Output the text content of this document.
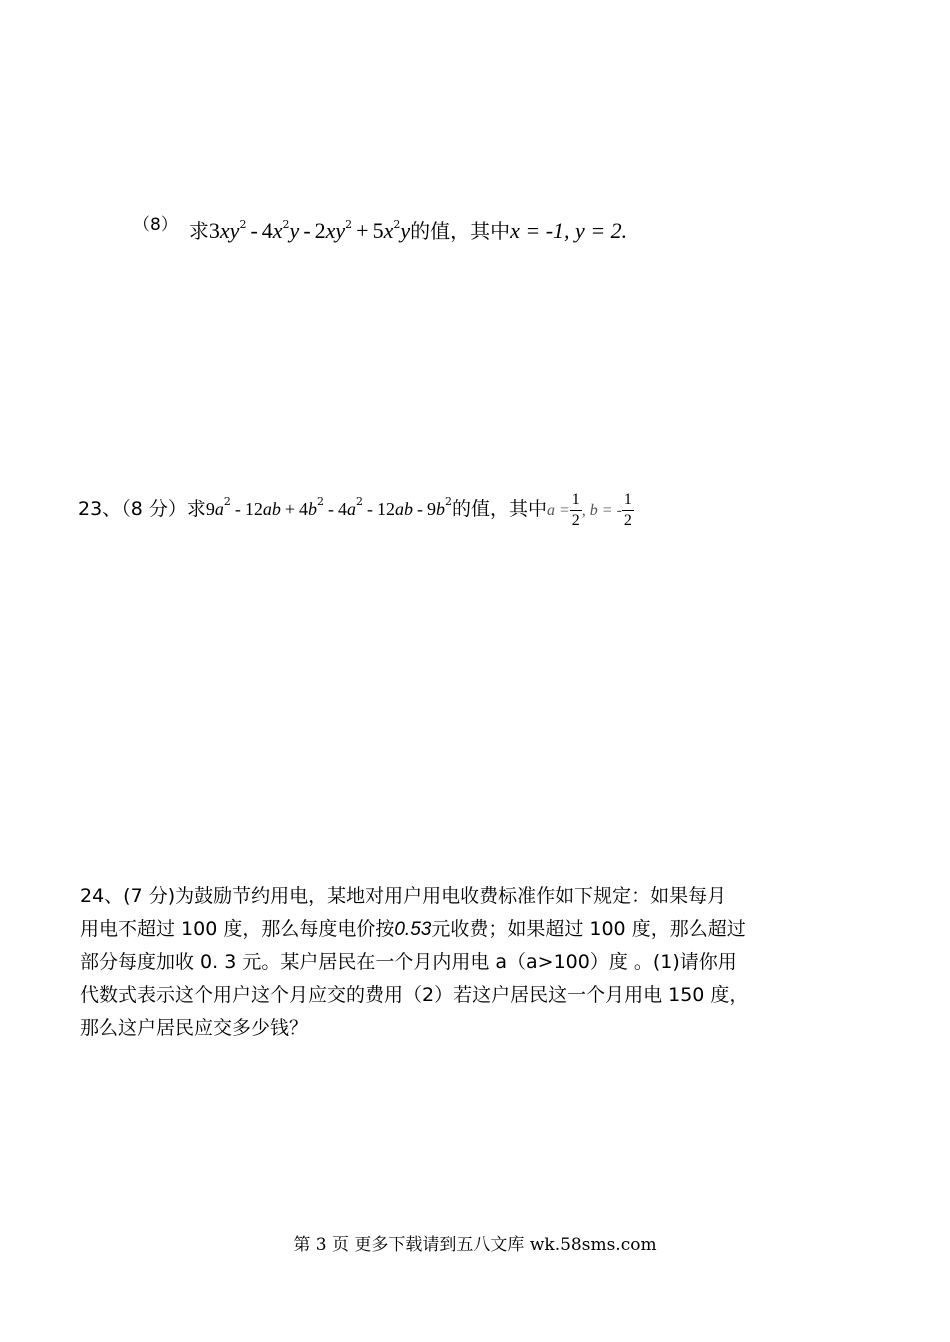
（8） 求$3xy^2 - 4x^2y - 2xy^2 + 5x^2y$的值，其中x = -1, y = 2.
23、（8 分）求$9a^2 - 12ab + 4b^2 - 4a^2 - 12ab - 9b^2$的值，其中$a = \frac{1}{2}$ , b = - $\frac{1}{2}$
24、(7 分)为鼓励节约用电，某地对用户用电收费标准作如下规定：如果每月
用电不超过 100 度，那么每度电价按0.53元收费；如果超过 100 度，那么超过
部分每度加收 0. 3 元。某户居民在一个月内用电 a（a>100）度 。(1)请你用
代数式表示这个用户这个月应交的费用（2）若这户居民这一个月用电 150 度，
那么这户居民应交多少钱？
第 3 页 更多下载请到五八文库 wk.58sms.com
